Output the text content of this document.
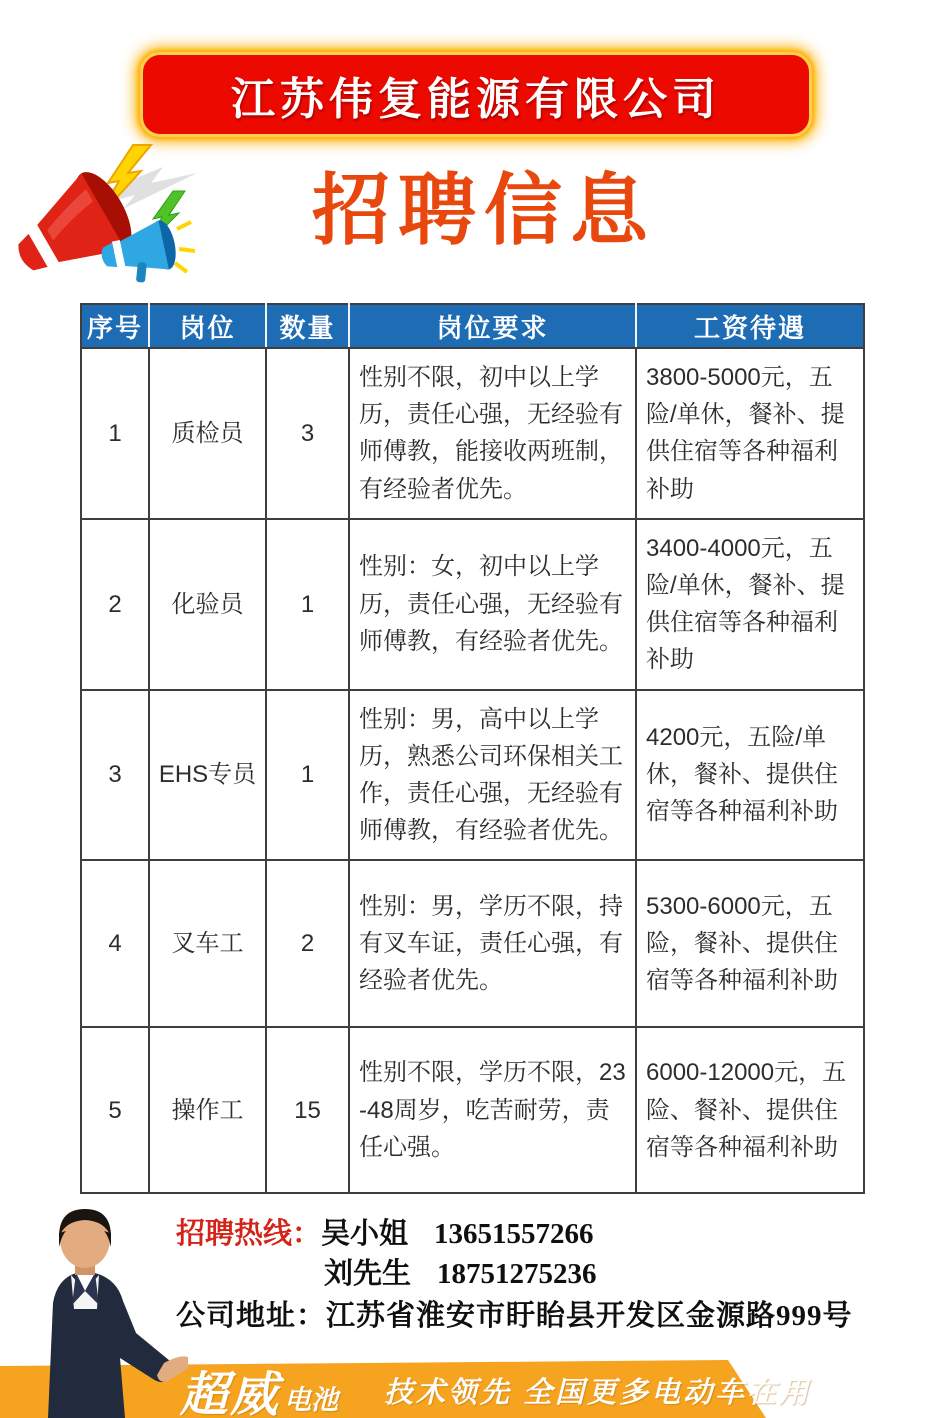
江苏伟复能源有限公司
招聘信息
序号	岗位	数量	岗位要求	工资待遇
1	质检员	3	性别不限，初中以上学历，责任心强，无经验有师傅教，能接收两班制，有经验者优先。	3800-5000元，五险/单休，餐补、提供住宿等各种福利补助
2	化验员	1	性别：女，初中以上学历，责任心强，无经验有师傅教，有经验者优先。	3400-4000元，五险/单休，餐补、提供住宿等各种福利补助
3	EHS专员	1	性别：男，高中以上学历，熟悉公司环保相关工作，责任心强，无经验有师傅教，有经验者优先。	4200元，五险/单休，餐补、提供住宿等各种福利补助
4	叉车工	2	性别：男，学历不限，持有叉车证，责任心强，有经验者优先。	5300-6000元，五险，餐补、提供住宿等各种福利补助
5	操作工	15	性别不限，学历不限，23-48周岁，吃苦耐劳，责任心强。	6000-12000元，五险、餐补、提供住宿等各种福利补助
招聘热线：吴小姐 13651557266
刘先生 18751275236
公司地址：江苏省淮安市盱眙县开发区金源路999号
超威 电池 技术领先 全国更多电动车在用
